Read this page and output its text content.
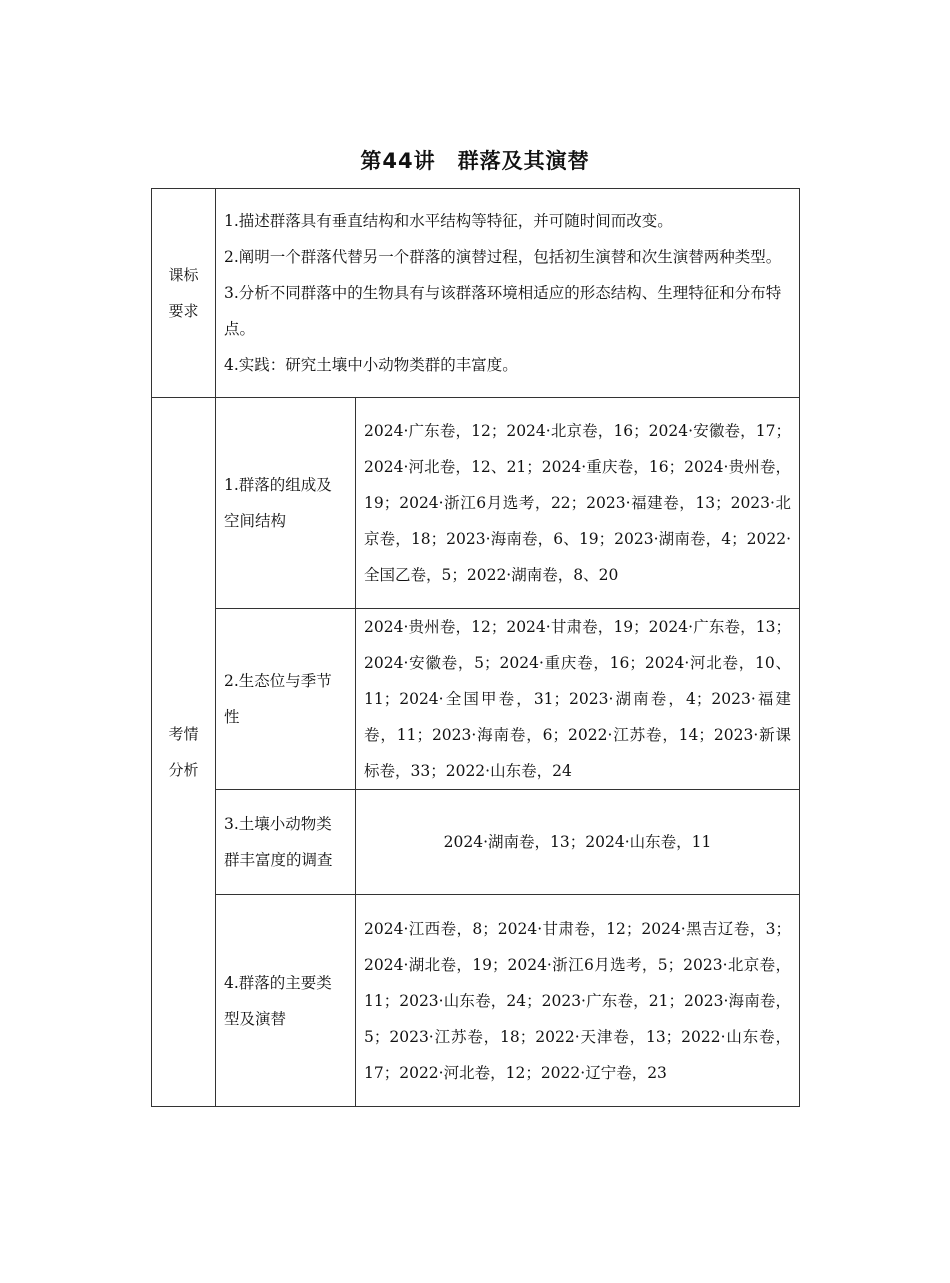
第44讲　群落及其演替
课标
要求	1.描述群落具有垂直结构和水平结构等特征，并可随时间而改变。
2.阐明一个群落代替另一个群落的演替过程，包括初生演替和次生演替两种类型。
3.分析不同群落中的生物具有与该群落环境相适应的形态结构、生理特征和分布特点。
4.实践：研究土壤中小动物类群的丰富度。	

考情
分析	1.群落的组成及空间结构	2024·广东卷，12；2024·北京卷，16；2024·安徽卷，17；2024·河北卷，12、21；2024·重庆卷，16；2024·贵州卷，19；2024·浙江6月选考，22；2023·福建卷，13；2023·北京卷，18；2023·海南卷，6、19；2023·湖南卷，4；2022·全国乙卷，5；2022·湖南卷，8、20
	2.生态位与季节性	2024·贵州卷，12；2024·甘肃卷，19；2024·广东卷，13；2024·安徽卷，5；2024·重庆卷，16；2024·河北卷，10、11；2024·全国甲卷，31；2023·湖南卷，4；2023·福建卷，11；2023·海南卷，6；2022·江苏卷，14；2023·新课标卷，33；2022·山东卷，24
	3.土壤小动物类群丰富度的调查	2024·湖南卷，13；2024·山东卷，11
	4.群落的主要类型及演替	2024·江西卷，8；2024·甘肃卷，12；2024·黑吉辽卷，3；2024·湖北卷，19；2024·浙江6月选考，5；2023·北京卷，11；2023·山东卷，24；2023·广东卷，21；2023·海南卷，5；2023·江苏卷，18；2022·天津卷，13；2022·山东卷，17；2022·河北卷，12；2022·辽宁卷，23
